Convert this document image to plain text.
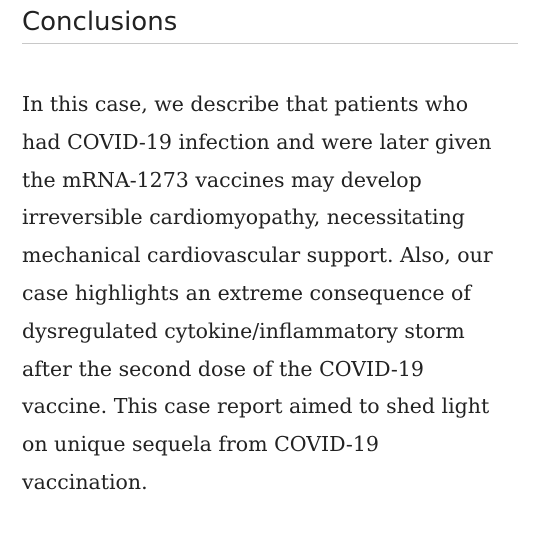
Conclusions

In this case, we describe that patients who
had COVID-19 infection and were later given
the mRNA-1273 vaccines may develop
irreversible cardiomyopathy, necessitating
mechanical cardiovascular support. Also, our
case highlights an extreme consequence of
dysregulated cytokine/inflammatory storm
after the second dose of the COVID-19
vaccine. This case report aimed to shed light
on unique sequela from COVID-19
vaccination.
